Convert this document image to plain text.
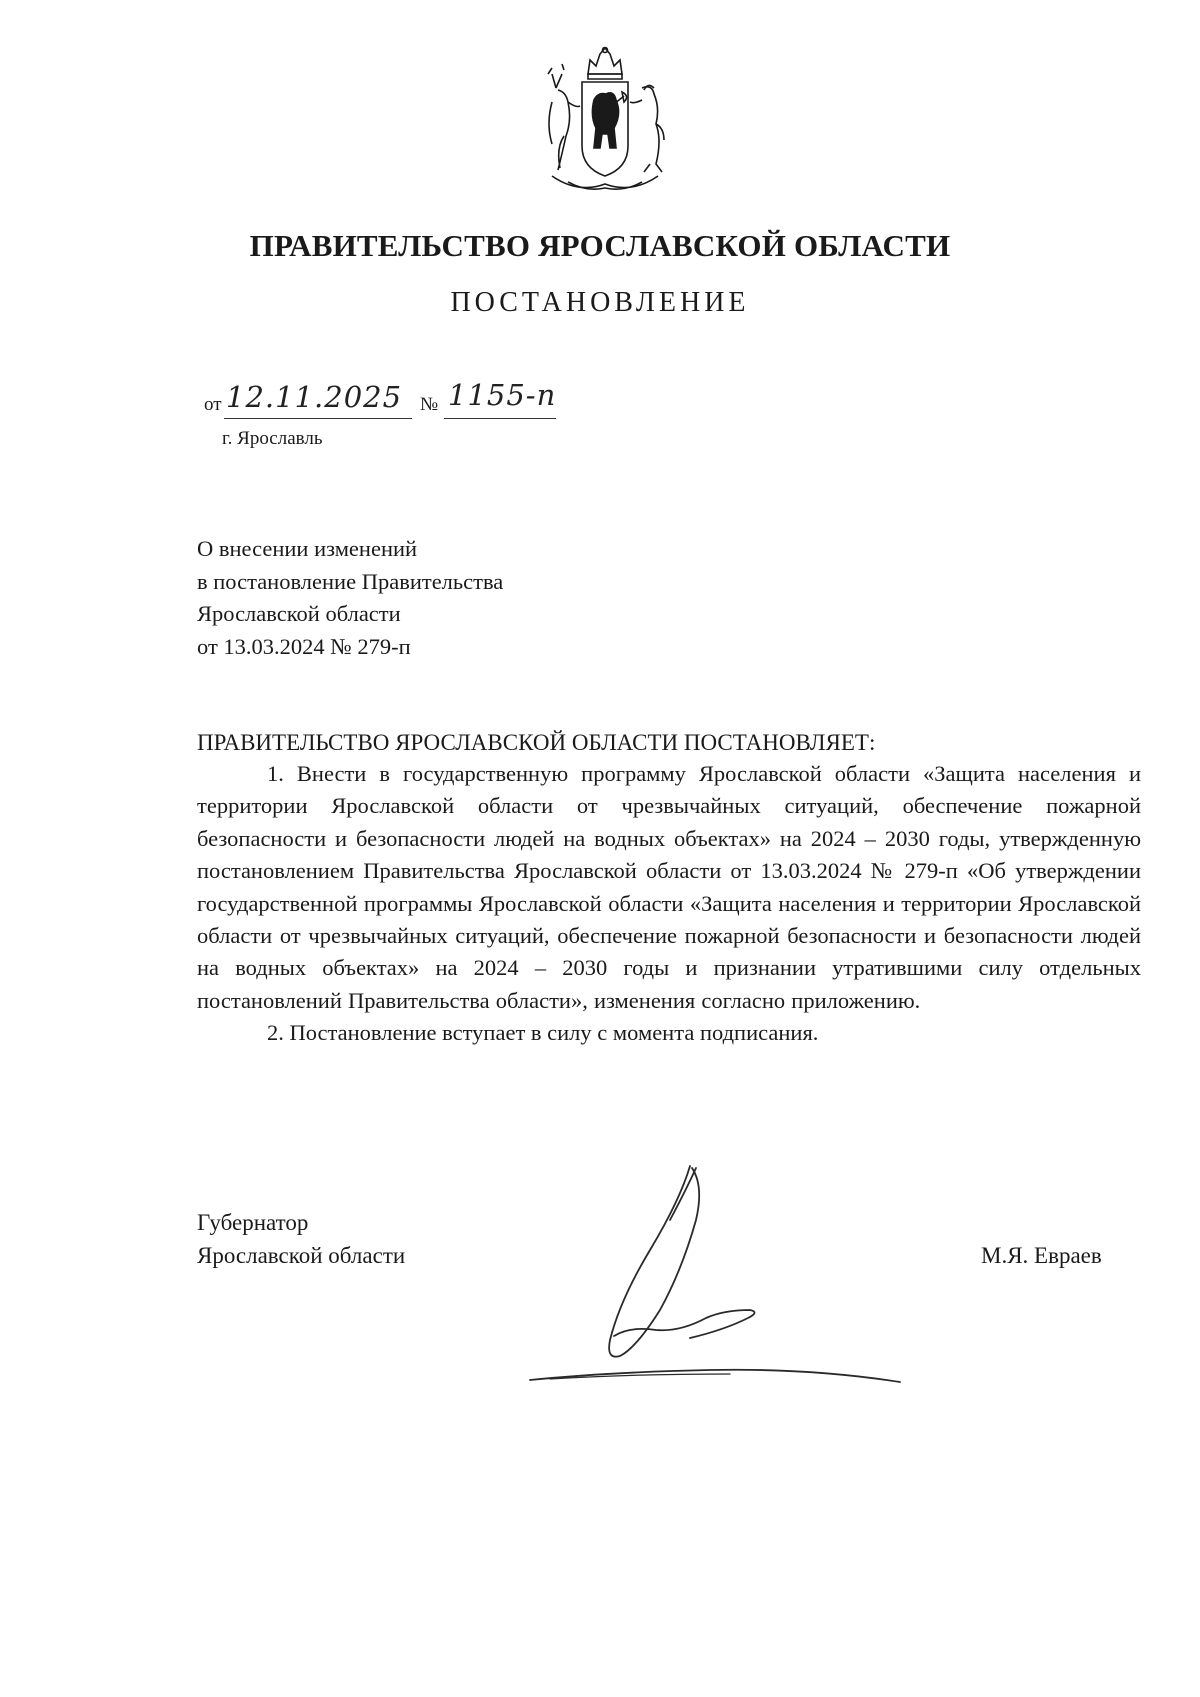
ПРАВИТЕЛЬСТВО ЯРОСЛАВСКОЙ ОБЛАСТИ
ПОСТАНОВЛЕНИЕ
от 12.11.2025 № 1155-п
г. Ярославль
О внесении изменений
в постановление Правительства
Ярославской области
от 13.03.2024 № 279-п
ПРАВИТЕЛЬСТВО ЯРОСЛАВСКОЙ ОБЛАСТИ ПОСТАНОВЛЯЕТ:

1. Внести в государственную программу Ярославской области «Защита населения и территории Ярославской области от чрезвычайных ситуаций, обеспечение пожарной безопасности и безопасности людей на водных объектах» на 2024 – 2030 годы, утвержденную постановлением Правительства Ярославской области от 13.03.2024 № 279-п «Об утверждении государственной программы Ярославской области «Защита населения и территории Ярославской области от чрезвычайных ситуаций, обеспечение пожарной безопасности и безопасности людей на водных объектах» на 2024 – 2030 годы и признании утратившими силу отдельных постановлений Правительства области», изменения согласно приложению.

2. Постановление вступает в силу с момента подписания.

Губернатор
Ярославской области	М.Я. Евраев
